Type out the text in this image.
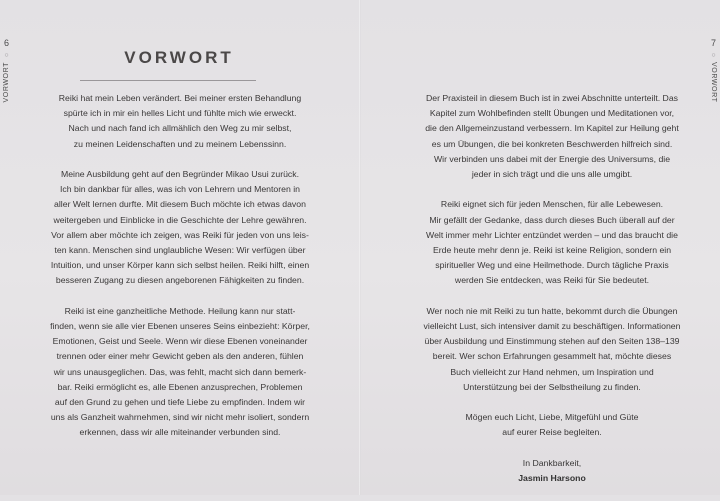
6
○
VORWORT
VORWORT
Reiki hat mein Leben verändert. Bei meiner ersten Behandlung
spürte ich in mir ein helles Licht und fühlte mich wie erweckt.
Nach und nach fand ich allmählich den Weg zu mir selbst,
zu meinen Leidenschaften und zu meinem Lebenssinn.
Meine Ausbildung geht auf den Begründer Mikao Usui zurück.
Ich bin dankbar für alles, was ich von Lehrern und Mentoren in
aller Welt lernen durfte. Mit diesem Buch möchte ich etwas davon
weitergeben und Einblicke in die Geschichte der Lehre gewähren.
Vor allem aber möchte ich zeigen, was Reiki für jeden von uns leis-
ten kann. Menschen sind unglaubliche Wesen: Wir verfügen über
Intuition, und unser Körper kann sich selbst heilen. Reiki hilft, einen
besseren Zugang zu diesen angeborenen Fähigkeiten zu finden.
Reiki ist eine ganzheitliche Methode. Heilung kann nur statt-
finden, wenn sie alle vier Ebenen unseres Seins einbezieht: Körper,
Emotionen, Geist und Seele. Wenn wir diese Ebenen voneinander
trennen oder einer mehr Gewicht geben als den anderen, fühlen
wir uns unausgeglichen. Das, was fehlt, macht sich dann bemerk-
bar. Reiki ermöglicht es, alle Ebenen anzusprechen, Problemen
auf den Grund zu gehen und tiefe Liebe zu empfinden. Indem wir
uns als Ganzheit wahrnehmen, sind wir nicht mehr isoliert, sondern
erkennen, dass wir alle miteinander verbunden sind.
7
○
VORWORT
Der Praxisteil in diesem Buch ist in zwei Abschnitte unterteilt. Das
Kapitel zum Wohlbefinden stellt Übungen und Meditationen vor,
die den Allgemeinzustand verbessern. Im Kapitel zur Heilung geht
es um Übungen, die bei konkreten Beschwerden hilfreich sind.
Wir verbinden uns dabei mit der Energie des Universums, die
jeder in sich trägt und die uns alle umgibt.
Reiki eignet sich für jeden Menschen, für alle Lebewesen.
Mir gefällt der Gedanke, dass durch dieses Buch überall auf der
Welt immer mehr Lichter entzündet werden – und das braucht die
Erde heute mehr denn je. Reiki ist keine Religion, sondern ein
spiritueller Weg und eine Heilmethode. Durch tägliche Praxis
werden Sie entdecken, was Reiki für Sie bedeutet.
Wer noch nie mit Reiki zu tun hatte, bekommt durch die Übungen
vielleicht Lust, sich intensiver damit zu beschäftigen. Informationen
über Ausbildung und Einstimmung stehen auf den Seiten 138–139
bereit. Wer schon Erfahrungen gesammelt hat, möchte dieses
Buch vielleicht zur Hand nehmen, um Inspiration und
Unterstützung bei der Selbstheilung zu finden.
Mögen euch Licht, Liebe, Mitgefühl und Güte
auf eurer Reise begleiten.
In Dankbarkeit,
Jasmin Harsono
